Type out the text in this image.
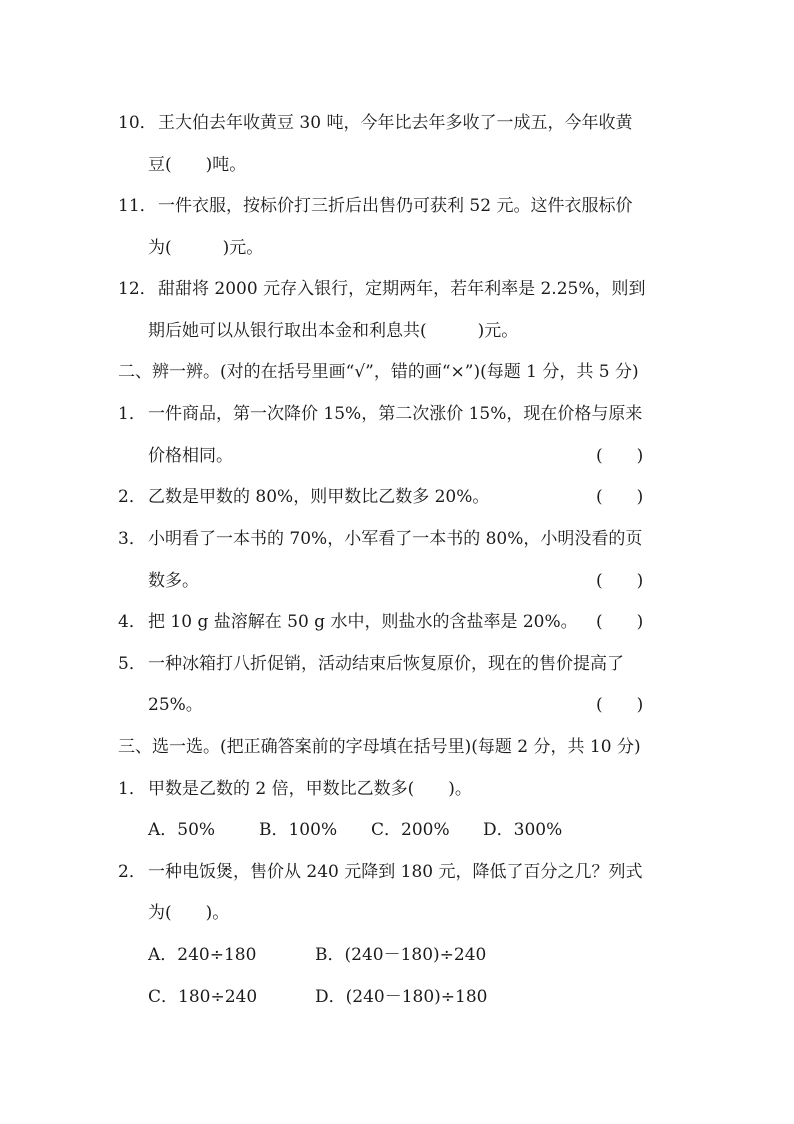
10． 王大伯去年收黄豆 30 吨，今年比去年多收了一成五，今年收黄
豆(　　)吨。
11． 一件衣服，按标价打三折后出售仍可获利 52 元。这件衣服标价
为(　　　)元。
12． 甜甜将 2000 元存入银行，定期两年，若年利率是 2.25%，则到
期后她可以从银行取出本金和利息共(　　　)元。
二、辨一辨。(对的在括号里画“√”，错的画“×”)(每题 1 分，共 5 分)
1． 一件商品，第一次降价 15%，第二次涨价 15%，现在价格与原来
价格相同。	(　　)
2． 乙数是甲数的 80%，则甲数比乙数多 20%。	(　　)
3． 小明看了一本书的 70%，小军看了一本书的 80%，小明没看的页
数多。	(　　)
4． 把 10 g 盐溶解在 50 g 水中，则盐水的含盐率是 20%。 (　　)
5． 一种冰箱打八折促销，活动结束后恢复原价，现在的售价提高了
25%。	(　　)
三、选一选。(把正确答案前的字母填在括号里)(每题 2 分，共 10 分)
1． 甲数是乙数的 2 倍，甲数比乙数多(　　)。
A．50%	B．100% C．200% D．300%
2． 一种电饭煲，售价从 240 元降到 180 元，降低了百分之几？列式
为(　　)。
A．240÷180	B．(240－180)÷240
C．180÷240	D．(240－180)÷180
